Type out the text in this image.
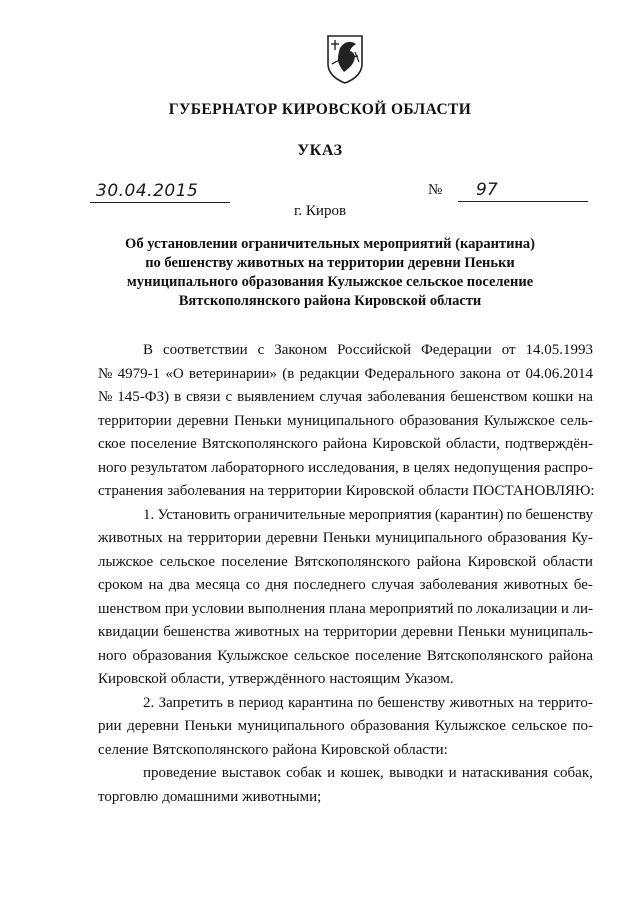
ГУБЕРНАТОР КИРОВСКОЙ ОБЛАСТИ
УКАЗ
30.04.2015	№ 97
г. Киров
Об установлении ограничительных мероприятий (карантина)
по бешенству животных на территории деревни Пеньки
муниципального образования Кулыжское сельское поселение
Вятскополянского района Кировской области
В соответствии с Законом Российской Федерации от 14.05.1993
№ 4979-1 «О ветеринарии» (в редакции Федерального закона от 04.06.2014
№ 145-ФЗ) в связи с выявлением случая заболевания бешенством кошки на
территории деревни Пеньки муниципального образования Кулыжское сель-
ское поселение Вятскополянского района Кировской области, подтверждён-
ного результатом лабораторного исследования, в целях недопущения распро-
странения заболевания на территории Кировской области ПОСТАНОВЛЯЮ:
1. Установить ограничительные мероприятия (карантин) по бешенству
животных на территории деревни Пеньки муниципального образования Ку-
лыжское сельское поселение Вятскополянского района Кировской области
сроком на два месяца со дня последнего случая заболевания животных бе-
шенством при условии выполнения плана мероприятий по локализации и ли-
квидации бешенства животных на территории деревни Пеньки муниципаль-
ного образования Кулыжское сельское поселение Вятскополянского района
Кировской области, утверждённого настоящим Указом.
2. Запретить в период карантина по бешенству животных на террито-
рии деревни Пеньки муниципального образования Кулыжское сельское по-
селение Вятскополянского района Кировской области:
проведение выставок собак и кошек, выводки и натаскивания собак,
торговлю домашними животными;
